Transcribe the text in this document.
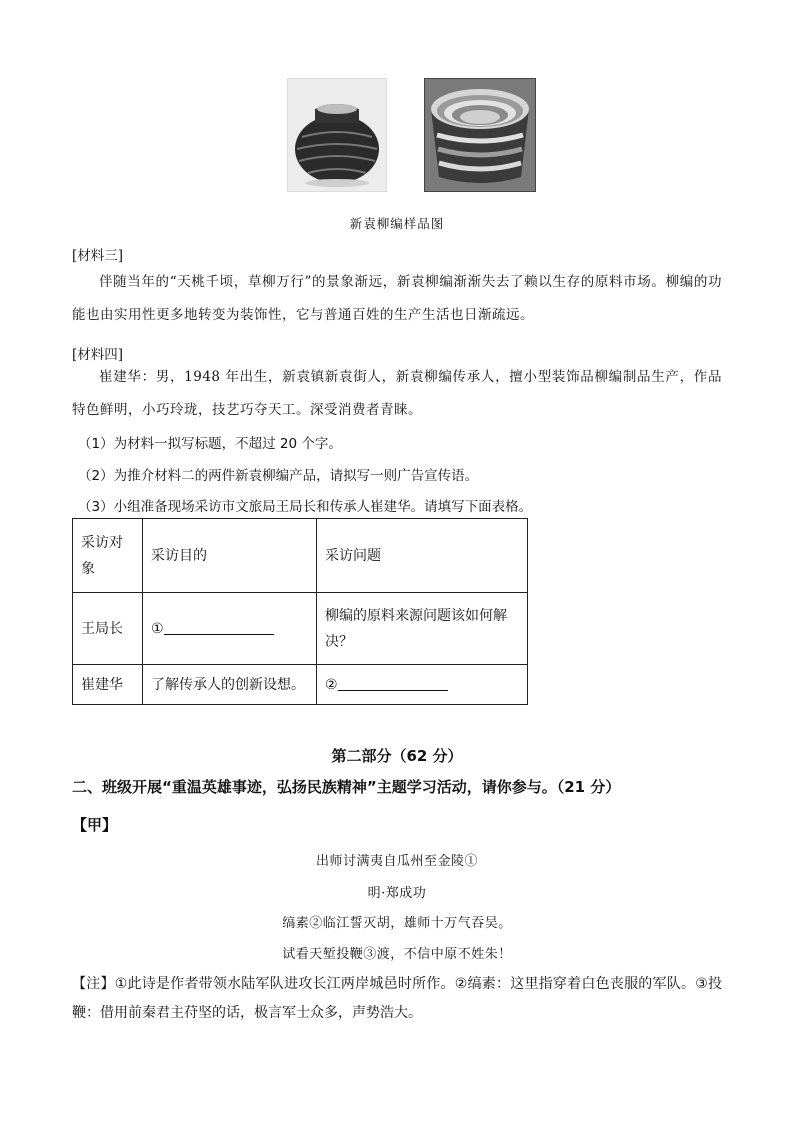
新袁柳编样品图
[材料三]

伴随当年的“天桃千顷，草柳万行”的景象渐远，新袁柳编渐渐失去了赖以生存的原料市场。柳编的功能也由实用性更多地转变为装饰性，它与普通百姓的生产生活也日渐疏远。

[材料四]

崔建华：男，1948 年出生，新袁镇新袁街人，新袁柳编传承人，擅小型装饰品柳编制品生产，作品特色鲜明，小巧玲珑，技艺巧夺天工。深受消费者青睐。

（1）为材料一拟写标题，不超过 20 个字。
（2）为推介材料二的两件新袁柳编产品，请拟写一则广告宣传语。
（3）小组准备现场采访市文旅局王局长和传承人崔建华。请填写下面表格。
采访对象	采访目的	采访问题
王局长	①	柳编的原料来源问题该如何解决？
崔建华	了解传承人的创新设想。	②
第二部分（62 分）
二、班级开展“重温英雄事迹，弘扬民族精神”主题学习活动，请你参与。（21 分）
【甲】
出师讨满夷自瓜州至金陵①
明·郑成功
缟素②临江誓灭胡，雄师十万气吞吴。
试看天堑投鞭③渡，不信中原不姓朱！
【注】①此诗是作者带领水陆军队进攻长江两岸城邑时所作。②缟素：这里指穿着白色丧服的军队。③投鞭：借用前秦君主苻坚的话，极言军士众多，声势浩大。
